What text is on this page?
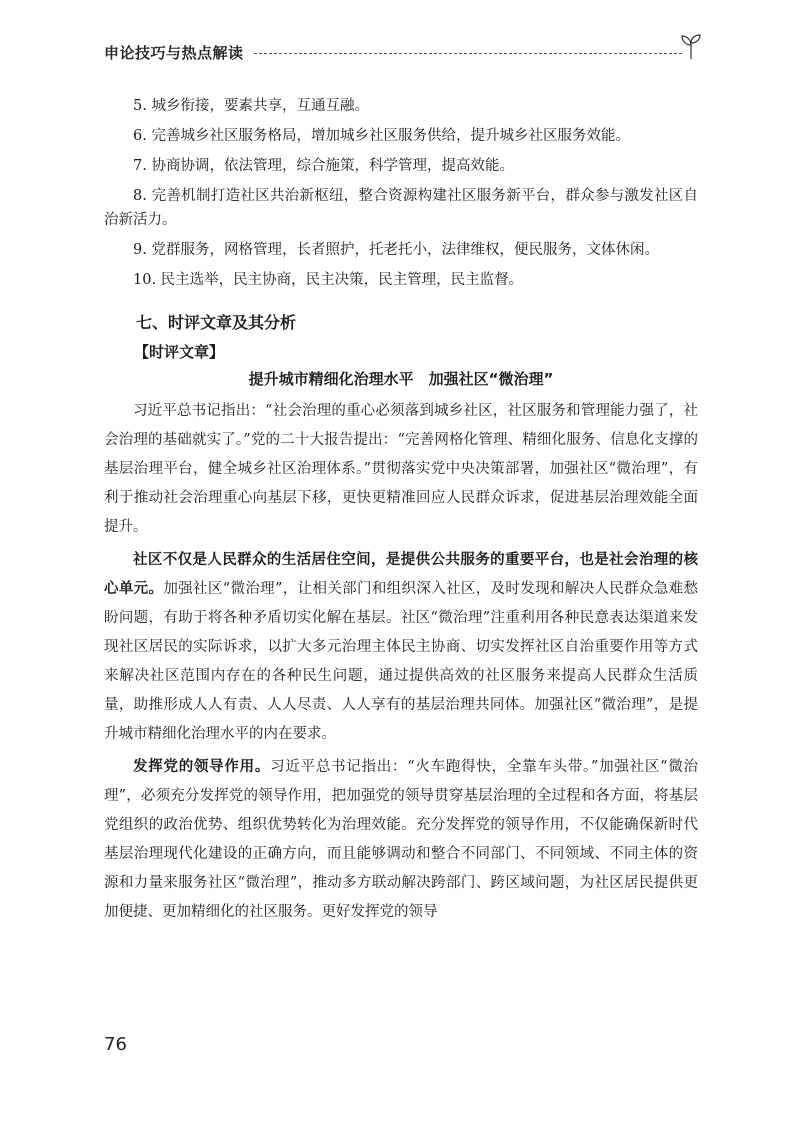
申论技巧与热点解读

5. 城乡衔接，要素共享，互通互融。

6. 完善城乡社区服务格局，增加城乡社区服务供给，提升城乡社区服务效能。

7. 协商协调，依法管理，综合施策，科学管理，提高效能。

8. 完善机制打造社区共治新枢纽，整合资源构建社区服务新平台，群众参与激发社区自治新活力。

9. 党群服务，网格管理，长者照护，托老托小，法律维权，便民服务，文体休闲。

10. 民主选举，民主协商，民主决策，民主管理，民主监督。

七、时评文章及其分析
【时评文章】
提升城市精细化治理水平　加强社区“微治理”

习近平总书记指出：“社会治理的重心必须落到城乡社区，社区服务和管理能力强了，社会治理的基础就实了。”党的二十大报告提出：“完善网格化管理、精细化服务、信息化支撑的基层治理平台，健全城乡社区治理体系。”贯彻落实党中央决策部署，加强社区“微治理”，有利于推动社会治理重心向基层下移，更快更精准回应人民群众诉求，促进基层治理效能全面提升。

社区不仅是人民群众的生活居住空间，是提供公共服务的重要平台，也是社会治理的核心单元。加强社区“微治理”，让相关部门和组织深入社区，及时发现和解决人民群众急难愁盼问题，有助于将各种矛盾切实化解在基层。社区“微治理”注重利用各种民意表达渠道来发现社区居民的实际诉求，以扩大多元治理主体民主协商、切实发挥社区自治重要作用等方式来解决社区范围内存在的各种民生问题，通过提供高效的社区服务来提高人民群众生活质量，助推形成人人有责、人人尽责、人人享有的基层治理共同体。加强社区“微治理”，是提升城市精细化治理水平的内在要求。

发挥党的领导作用。习近平总书记指出：“火车跑得快，全靠车头带。”加强社区“微治理”，必须充分发挥党的领导作用，把加强党的领导贯穿基层治理的全过程和各方面，将基层党组织的政治优势、组织优势转化为治理效能。充分发挥党的领导作用，不仅能确保新时代基层治理现代化建设的正确方向，而且能够调动和整合不同部门、不同领域、不同主体的资源和力量来服务社区“微治理”，推动多方联动解决跨部门、跨区域问题，为社区居民提供更加便捷、更加精细化的社区服务。更好发挥党的领导

76
